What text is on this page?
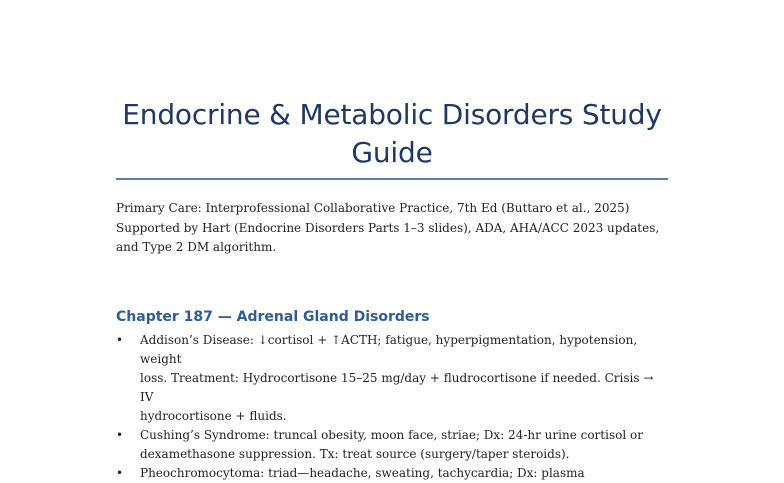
Endocrine & Metabolic Disorders Study Guide
Primary Care: Interprofessional Collaborative Practice, 7th Ed (Buttaro et al., 2025)
Supported by Hart (Endocrine Disorders Parts 1–3 slides), ADA, AHA/ACC 2023 updates,
and Type 2 DM algorithm.
Chapter 187 — Adrenal Gland Disorders
• Addison’s Disease: ↓cortisol + ↑ACTH; fatigue, hyperpigmentation, hypotension, weight
loss. Treatment: Hydrocortisone 15–25 mg/day + fludrocortisone if needed. Crisis → IV
hydrocortisone + fluids.
• Cushing’s Syndrome: truncal obesity, moon face, striae; Dx: 24-hr urine cortisol or
dexamethasone suppression. Tx: treat source (surgery/taper steroids).
• Pheochromocytoma: triad—headache, sweating, tachycardia; Dx: plasma
